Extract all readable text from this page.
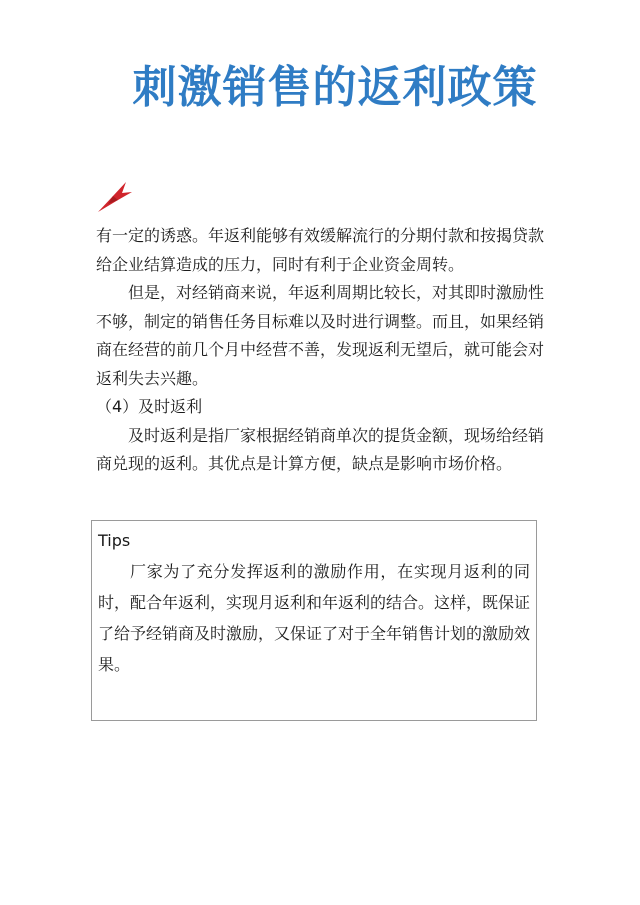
刺激销售的返利政策

有一定的诱惑。年返利能够有效缓解流行的分期付款和按揭贷款给企业结算造成的压力，同时有利于企业资金周转。

但是，对经销商来说，年返利周期比较长，对其即时激励性不够，制定的销售任务目标难以及时进行调整。而且，如果经销商在经营的前几个月中经营不善，发现返利无望后，就可能会对返利失去兴趣。

（4）及时返利

及时返利是指厂家根据经销商单次的提货金额，现场给经销商兑现的返利。其优点是计算方便，缺点是影响市场价格。

Tips

厂家为了充分发挥返利的激励作用，在实现月返利的同时，配合年返利，实现月返利和年返利的结合。这样，既保证了给予经销商及时激励，又保证了对于全年销售计划的激励效果。
